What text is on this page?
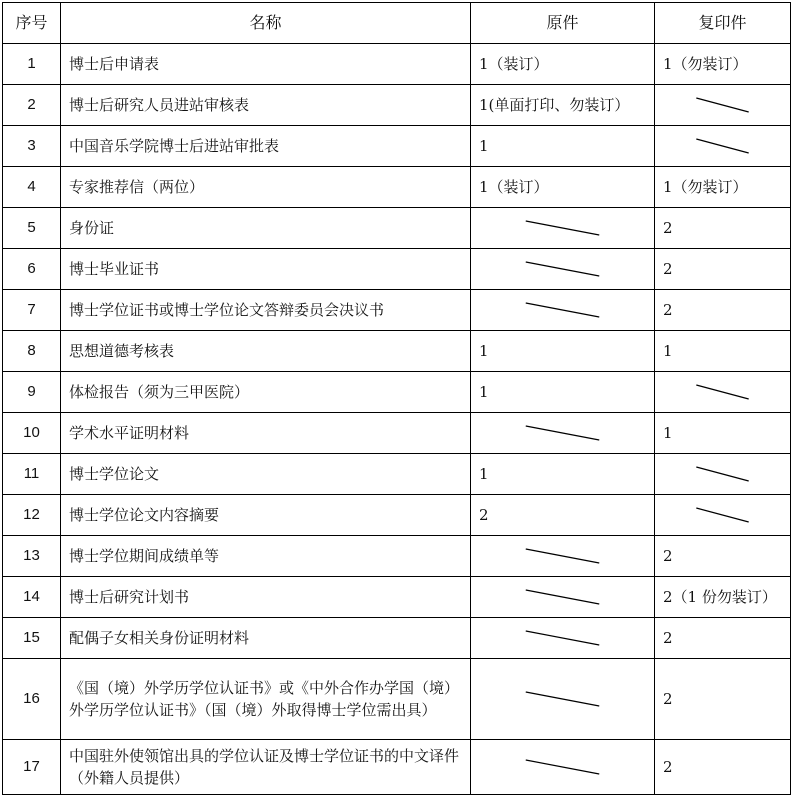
序号	名称	原件	复印件
1	博士后申请表	1（装订）	1（勿装订）
2	博士后研究人员进站审核表	1(单面打印、勿装订）	

3	中国音乐学院博士后进站审批表	1	

4	专家推荐信（两位）	1（装订）	1（勿装订）
5	身份证		2
6	博士毕业证书		2
7	博士学位证书或博士学位论文答辩委员会决议书		2
8	思想道德考核表	1	1
9	体检报告（须为三甲医院）	1	

10	学术水平证明材料		1
11	博士学位论文	1	

12	博士学位论文内容摘要	2	

13	博士学位期间成绩单等		2
14	博士后研究计划书		2（1 份勿装订）
15	配偶子女相关身份证明材料		2
16	《国（境）外学历学位认证书》或《中外合作办学国（境）外学历学位认证书》（国（境）外取得博士学位需出具）		2
17	中国驻外使领馆出具的学位认证及博士学位证书的中文译件（外籍人员提供）		2
